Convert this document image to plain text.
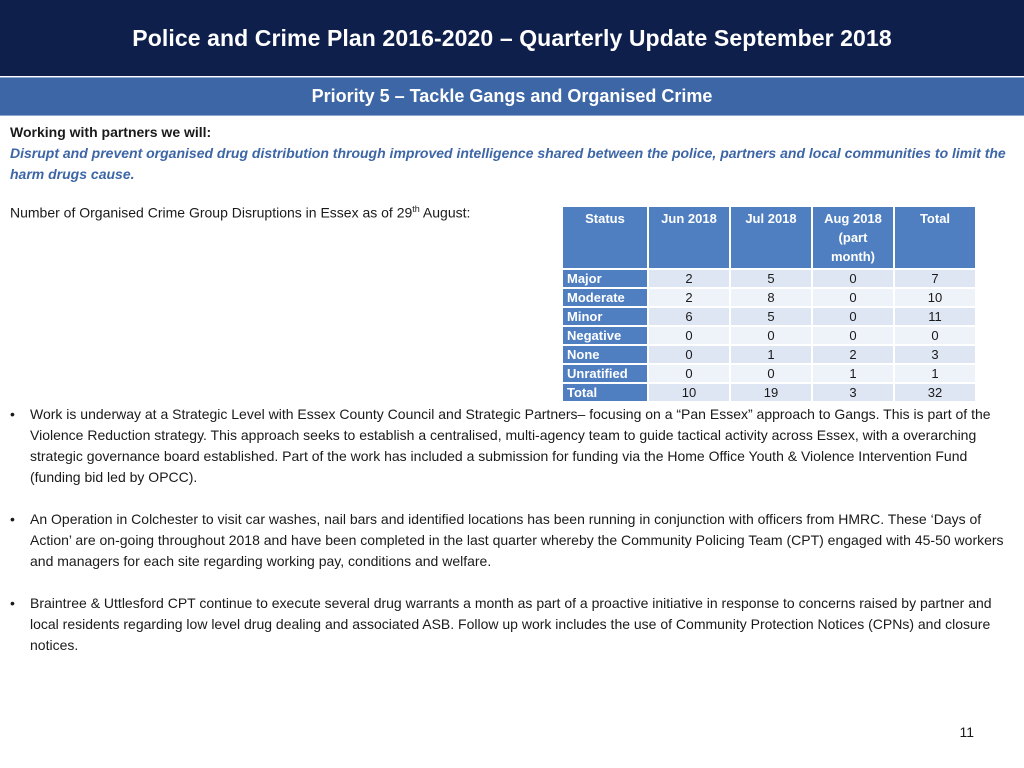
Police and Crime Plan 2016-2020 – Quarterly Update September 2018
Priority 5 – Tackle Gangs and Organised Crime
Working with partners we will:
Disrupt and prevent organised drug distribution through improved intelligence shared between the police, partners and local communities to limit the harm drugs cause.
Number of Organised Crime Group Disruptions in Essex as of 29th August:	Status	Jun 2018	Jul 2018	Aug 2018 (part month)	Total
Major	2	5	0	7
Moderate	2	8	0	10
Minor	6	5	0	11
Negative	0	0	0	0
None	0	1	2	3
Unratified	0	0	1	1
Total	10	19	3	32
• Work is underway at a Strategic Level with Essex County Council and Strategic Partners– focusing on a “Pan Essex” approach to Gangs. This is part of the Violence Reduction strategy. This approach seeks to establish a centralised, multi-agency team to guide tactical activity across Essex, with a overarching strategic governance board established. Part of the work has included a submission for funding via the Home Office Youth & Violence Intervention Fund (funding bid led by OPCC).
• An Operation in Colchester to visit car washes, nail bars and identified locations has been running in conjunction with officers from HMRC. These ‘Days of Action’ are on-going throughout 2018 and have been completed in the last quarter whereby the Community Policing Team (CPT) engaged with 45-50 workers and managers for each site regarding working pay, conditions and welfare.
• Braintree & Uttlesford CPT continue to execute several drug warrants a month as part of a proactive initiative in response to concerns raised by partner and local residents regarding low level drug dealing and associated ASB. Follow up work includes the use of Community Protection Notices (CPNs) and closure notices.
11
